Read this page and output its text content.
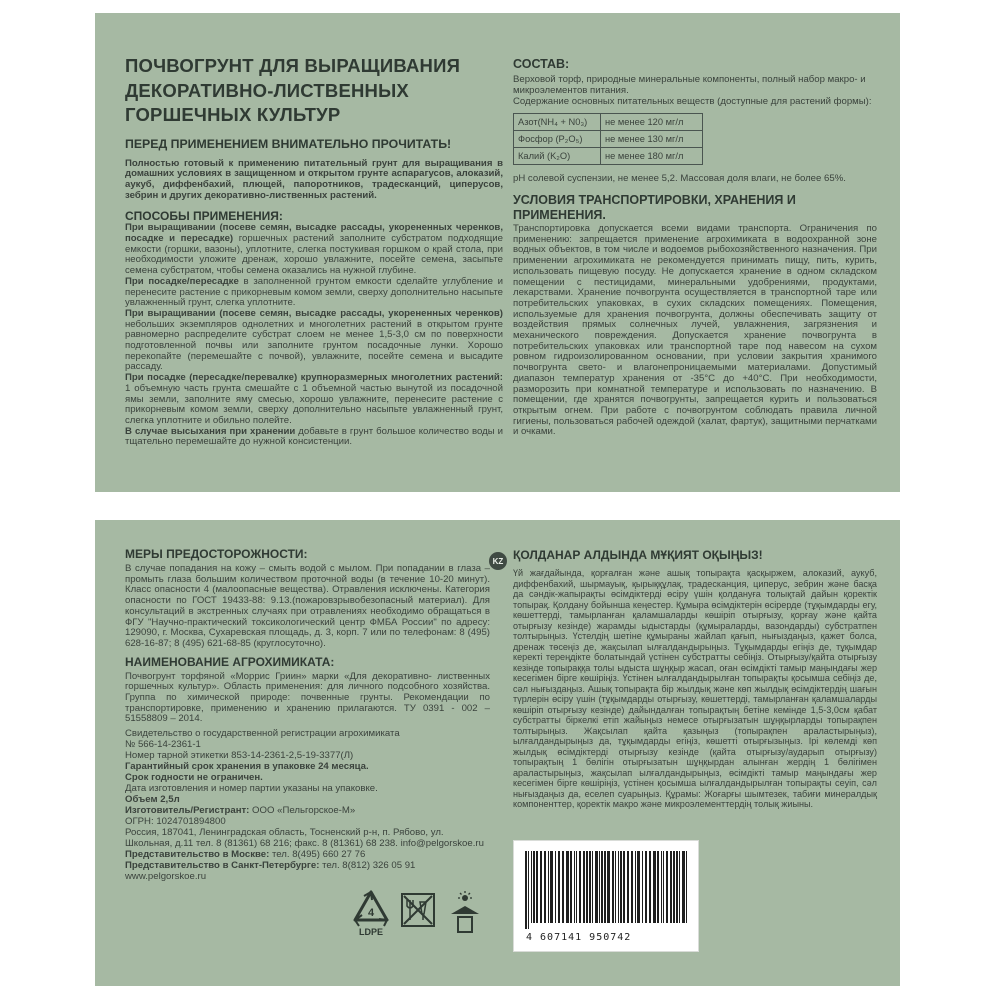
ПОЧВОГРУНТ ДЛЯ ВЫРАЩИВАНИЯ
ДЕКОРАТИВНО-ЛИСТВЕННЫХ
ГОРШЕЧНЫХ КУЛЬТУР
ПЕРЕД ПРИМЕНЕНИЕМ ВНИМАТЕЛЬНО ПРОЧИТАТЬ!
Полностью готовый к применению питательный грунт для выращивания в домашних условиях в защищенном и открытом грунте аспарагусов, алоказий, аукуб, диффенбахий, плющей, папоротников, традесканций, циперусов, зебрин и других декоративно-лиственных растений.
СПОСОБЫ ПРИМЕНЕНИЯ:
При выращивании (посеве семян, высадке рассады, укорененных черенков, посадке и пересадке) горшечных растений заполните субстратом подходящие емкости (горшки, вазоны), уплотните, слегка постукивая горшком о край стола, при необходимости уложите дренаж, хорошо увлажните, посейте семена, засыпьте семена субстратом, чтобы семена оказались на нужной глубине.
При посадке/пересадке в заполненной грунтом емкости сделайте углубление и перенесите растение с прикорневым комом земли, сверху дополнительно насыпьте увлажненный грунт, слегка уплотните.
При выращивании (посеве семян, высадке рассады, укорененных черенков) небольших экземпляров однолетних и многолетних растений в открытом грунте равномерно распределите субстрат слоем не менее 1,5-3,0 см по поверхности подготовленной почвы или заполните грунтом посадочные лунки. Хорошо перекопайте (перемешайте с почвой), увлажните, посейте семена и высадите рассаду.
При посадке (пересадке/перевалке) крупноразмерных многолетних растений: 1 объемную часть грунта смешайте с 1 объемной частью вынутой из посадочной ямы земли, заполните яму смесью, хорошо увлажните, перенесите растение с прикорневым комом земли, сверху дополнительно насыпьте увлажненный грунт, слегка уплотните и обильно полейте.
В случае высыхания при хранении добавьте в грунт большое количество воды и тщательно перемешайте до нужной консистенции.
СОСТАВ:
Верховой торф, природные минеральные компоненты, полный набор макро- и микроэлементов питания.
Содержание основных питательных веществ (доступные для растений формы):
Азот(NH₄ + N0₃)	не менее 120 мг/л
Фосфор (P₂O₅)	не менее 130 мг/л
Калий (K₂O)	не менее 180 мг/л
pH солевой суспензии, не менее 5,2. Массовая доля влаги, не более 65%.
УСЛОВИЯ ТРАНСПОРТИРОВКИ, ХРАНЕНИЯ И
ПРИМЕНЕНИЯ.
Транспортировка допускается всеми видами транспорта. Ограничения по применению: запрещается применение агрохимиката в водоохранной зоне водных объектов, в том числе и водоемов рыбохозяйственного назначения. При применении агрохимиката не рекомендуется принимать пищу, пить, курить, использовать пищевую посуду. Не допускается хранение в одном складском помещении с пестицидами, минеральными удобрениями, продуктами, лекарствами. Хранение почвогрунта осуществляется в транспортной таре или потребительских упаковках, в сухих складских помещениях. Помещения, используемые для хранения почвогрунта, должны обеспечивать защиту от воздействия прямых солнечных лучей, увлажнения, загрязнения и механического повреждения. Допускается хранение почвогрунта в потребительских упаковках или транспортной таре под навесом на сухом ровном гидроизолированном основании, при условии закрытия хранимого почвогрунта свето- и влагонепроницаемыми материалами. Допустимый диапазон температур хранения от -35°С до +40°С. При необходимости, разморозить при комнатной температуре и использовать по назначению. В помещении, где хранятся почвогрунты, запрещается курить и пользоваться открытым огнем. При работе с почвогрунтом соблюдать правила личной гигиены, пользоваться рабочей одеждой (халат, фартук), защитными перчатками и очками.
МЕРЫ ПРЕДОСТОРОЖНОСТИ:
В случае попадания на кожу – смыть водой с мылом. При попадании в глаза – промыть глаза большим количеством проточной воды (в течение 10-20 минут). Класс опасности 4 (малоопасные вещества). Отравления исключены. Категория опасности по ГОСТ 19433-88: 9.13.(пожаровзрывобезопасный материал). Для консультаций в экстренных случаях при отравлениях необходимо обращаться в ФГУ "Научно-практический токсикологический центр ФМБА России" по адресу: 129090, г. Москва, Сухаревская площадь, д. 3, корп. 7 или по телефонам: 8 (495) 628-16-87; 8 (495) 621-68-85 (круглосуточно).
НАИМЕНОВАНИЕ АГРОХИМИКАТА:
Почвогрунт торфяной «Моррис Гриин» марки «Для декоративно- лиственных горшечных культур». Область применения: для личного подсобного хозяйства. Группа по химической природе: почвенные грунты. Рекомендации по транспортировке, применению и хранению прилагаются. ТУ 0391 - 002 – 51558809 – 2014.
Свидетельство о государственной регистрации агрохимиката
№ 566-14-2361-1
Номер тарной этикетки 853-14-2361-2,5-19-3377(Л)
Гарантийный срок хранения в упаковке 24 месяца.
Срок годности не ограничен.
Дата изготовления и номер партии указаны на упаковке.
Объем 2,5л
Изготовитель/Регистрант: ООО «Пельгорское-М»
ОГРН: 1024701894800
Россия, 187041, Ленинградская область, Тосненский р-н, п. Рябово, ул. Школьная, д.11 тел. 8 (81361) 68 216; факс. 8 (81361) 68 238. info@pelgorskoe.ru
Представительство в Москве: тел. 8(495) 660 27 76
Представительство в Санкт-Петербурге: тел. 8(812) 326 05 91
www.pelgorskoe.ru
4
LDPE
KZ ҚОЛДАНАР АЛДЫНДА МҰҚИЯТ ОҚЫҢЫЗ!
Үй жағдайында, қорғалған және ашық топырақта қасқыржем, алоказий, аукуб, диффенбахий, шырмауық, қырыққұлақ, традесканция, циперус, зебрин және басқа да сәндік-жапырақты өсімдіктерді өсіру үшін қолдануға толықтай дайын қоректік топырақ. Қолдану бойынша кеңестер. Құмыра өсімдіктерін өсірерде (тұқымдарды егу, көшеттерді, тамырланған қаламшаларды көшіріп отырғызу, қорғау және қайта отырғызу кезінде) жарамды ыдыстарды (құмыраларды, вазондарды) субстратпен толтырыңыз. Үстелдің шетіне құмыраны жайлап қағып, нығыздаңыз, қажет болса, дренаж төсеңіз де, жақсылап ылғалдандырыңыз. Тұқымдарды егіңіз де, тұқымдар керекті тереңдікте болатындай үстінен субстратты себіңіз. Отырғызу/қайта отырғызу кезінде топыраққа толы ыдыста шұңқыр жасап, оған өсімдікті тамыр маңындағы жер кесегімен бірге көшіріңіз. Үстінен ылғалдандырылған топырақты қосымша себіңіз де, сәл нығыздаңыз. Ашық топырақта бір жылдық және көп жылдық өсімдіктердің шағын түрлерін өсіру үшін (тұқымдарды отырғызу, көшеттерді, тамырланған қаламшаларды көшіріп отырғызу кезінде) дайындалған топырақтың бетіне кемінде 1,5-3,0см қабат субстратты біркелкі етіп жайыңыз немесе отырғызатын шұңқырларды топырақпен толтырыңыз. Жақсылап қайта қазыңыз (топырақпен араластырыңыз), ылғалдандырыңыз да, тұқымдарды егіңіз, көшетті отырғызыңыз. Ірі көлемді көп жылдық өсімдіктерді отырғызу кезінде (қайта отырғызу/аударып отырғызу) топырақтың 1 бөлігін отырғызатын шұңқырдан алынған жердің 1 бөлігімен араластырыңыз, жақсылап ылғалдандырыңыз, өсімдікті тамыр маңындағы жер кесегімен бірге көшіріңіз, үстінен қосымша ылғалдандырылған топырақты сеуіп, сәл нығыздаңыз да, еселеп суарыңыз. Құрамы: Жоғарғы шымтезек, табиғи минералдық компоненттер, қоректік макро және микроэлементтердің толық жиыны.
4 607141 950742
